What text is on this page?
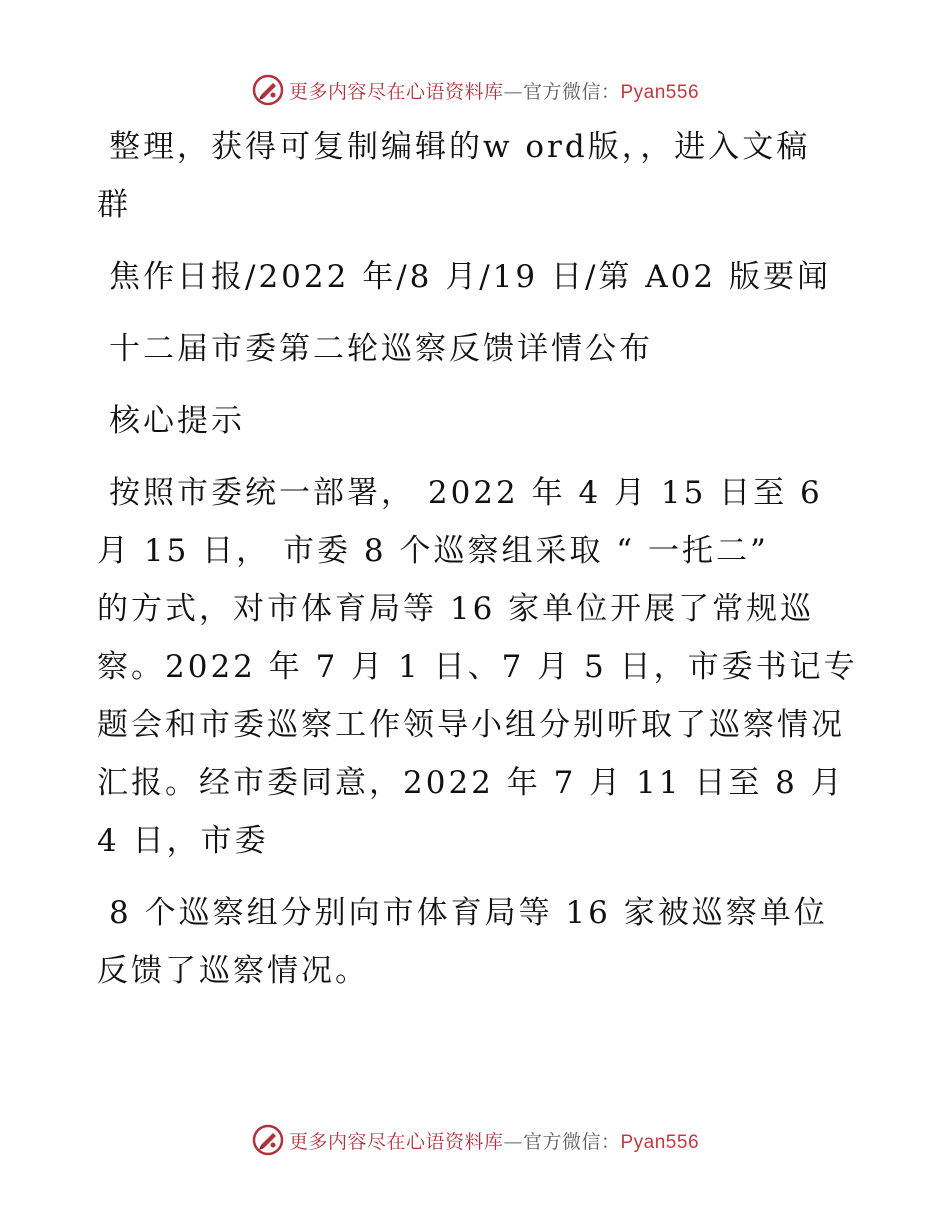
更多内容尽在心语资料库—官方微信：Pyan556

整理，获得可复制编辑的w ord版，，进入文稿

群

焦作日报/2022 年/8 月/19 日/第 A02 版要闻

十二届市委第二轮巡察反馈详情公布

核心提示

按照市委统一部署， 2022 年 4 月 15 日至 6

月 15 日， 市委 8 个巡察组采取 “ 一托二”

的方式，对市体育局等 16 家单位开展了常规巡

察。2022 年 7 月 1 日、7 月 5 日，市委书记专

题会和市委巡察工作领导小组分别听取了巡察情况

汇报。经市委同意，2022 年 7 月 11 日至 8 月

4 日，市委

8 个巡察组分别向市体育局等 16 家被巡察单位

反馈了巡察情况。

更多内容尽在心语资料库—官方微信：Pyan556
